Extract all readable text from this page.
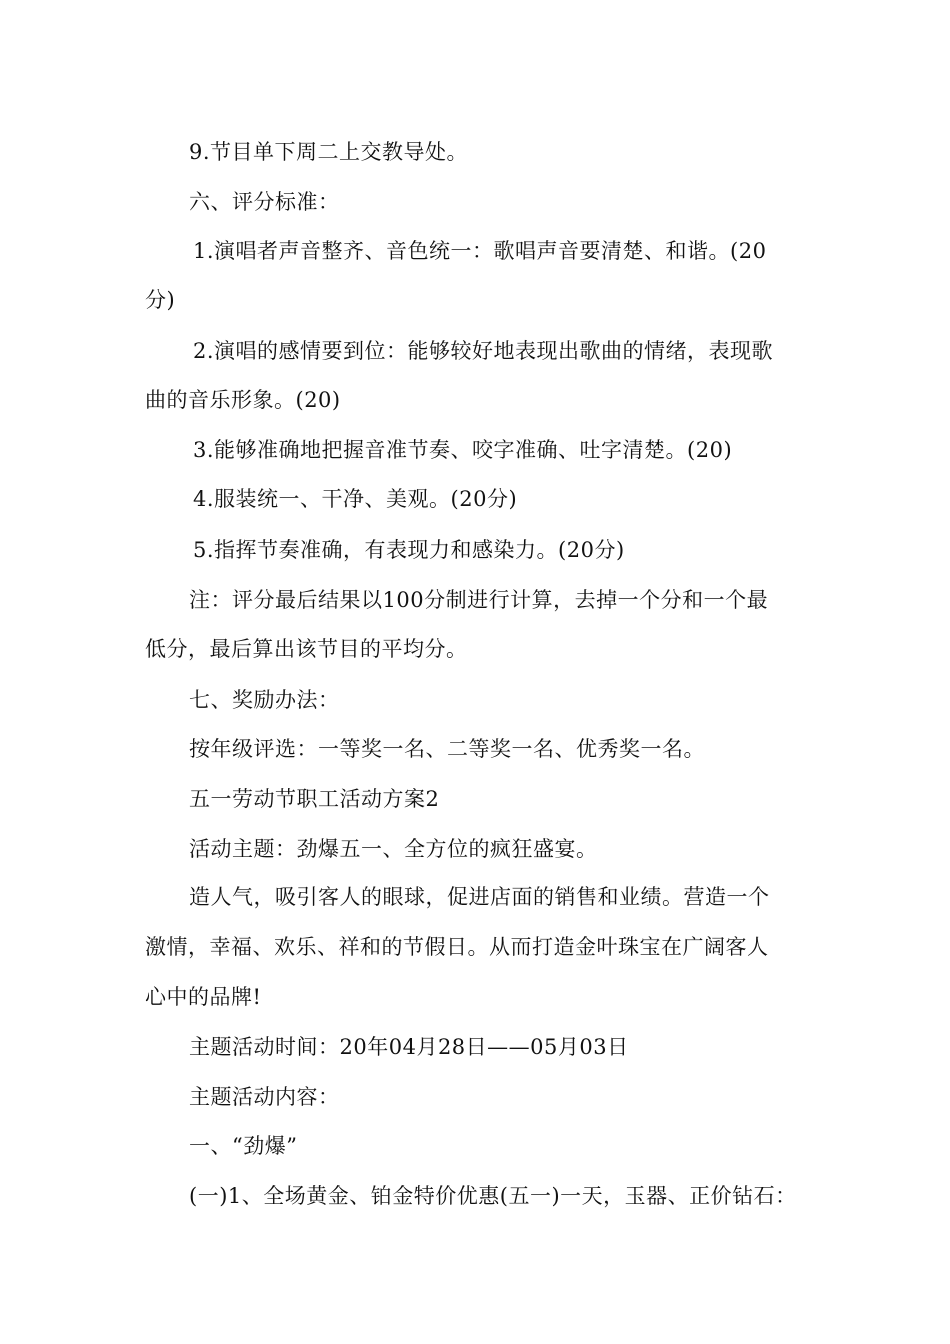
9.节目单下周二上交教导处。
六、评分标准：
1.演唱者声音整齐、音色统一：歌唱声音要清楚、和谐。(20
分)
2.演唱的感情要到位：能够较好地表现出歌曲的情绪，表现歌
曲的音乐形象。(20)
3.能够准确地把握音准节奏、咬字准确、吐字清楚。(20)
4.服装统一、干净、美观。(20分)
5.指挥节奏准确，有表现力和感染力。(20分)
注：评分最后结果以100分制进行计算，去掉一个分和一个最
低分，最后算出该节目的平均分。
七、奖励办法：
按年级评选：一等奖一名、二等奖一名、优秀奖一名。
五一劳动节职工活动方案2
活动主题：劲爆五一、全方位的疯狂盛宴。
造人气，吸引客人的眼球，促进店面的销售和业绩。营造一个
激情，幸福、欢乐、祥和的节假日。从而打造金叶珠宝在广阔客人
心中的品牌!
主题活动时间：20年04月28日——05月03日
主题活动内容：
一、“劲爆”
(一)1、全场黄金、铂金特价优惠(五一)一天，玉器、正价钻石：
